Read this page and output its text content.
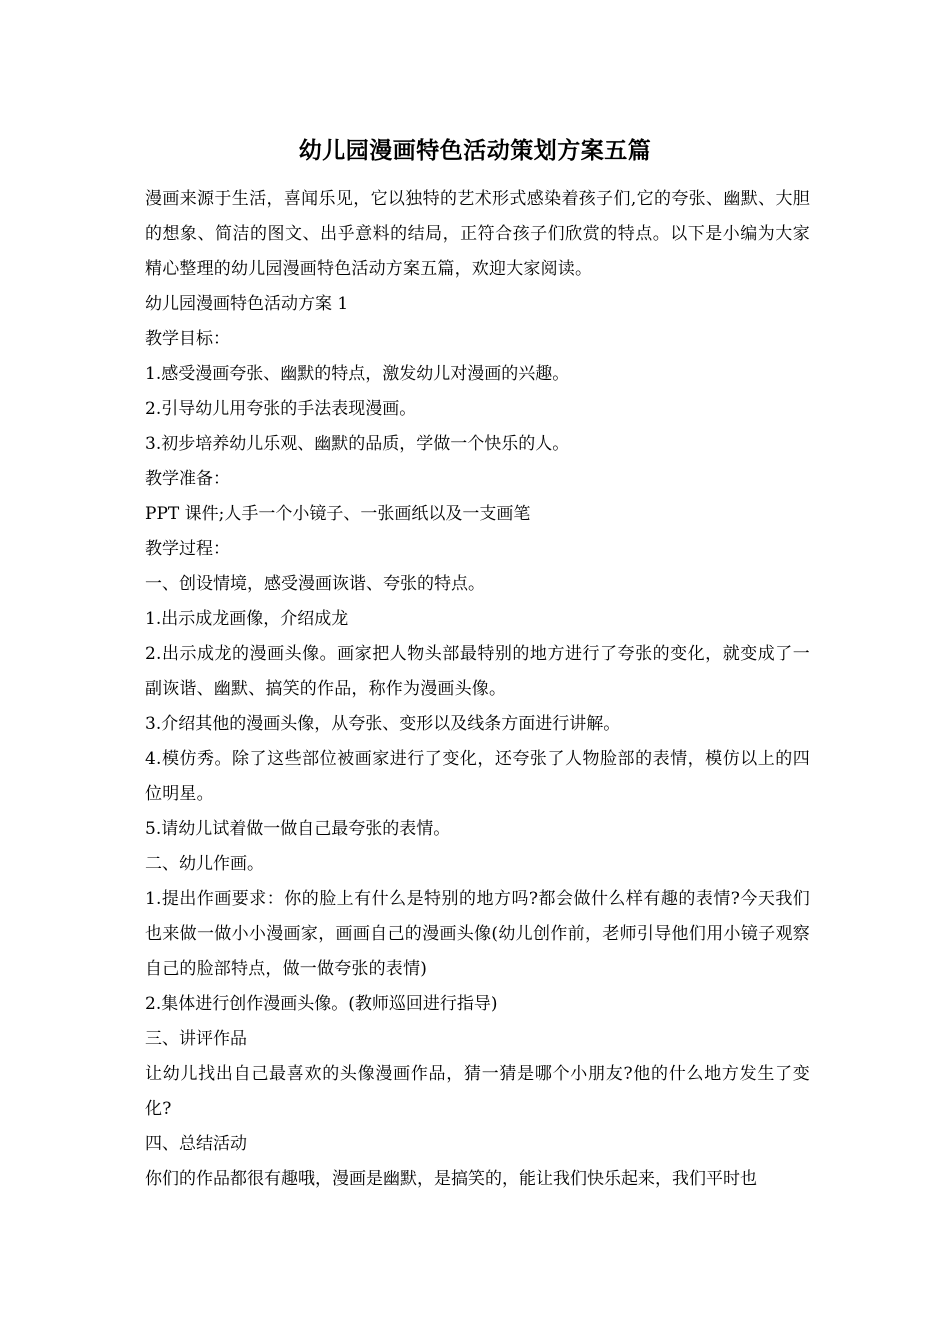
幼儿园漫画特色活动策划方案五篇

漫画来源于生活，喜闻乐见，它以独特的艺术形式感染着孩子们,它的夸张、幽默、大胆的想象、简洁的图文、出乎意料的结局，正符合孩子们欣赏的特点。以下是小编为大家精心整理的幼儿园漫画特色活动方案五篇，欢迎大家阅读。

幼儿园漫画特色活动方案 1

教学目标：

1.感受漫画夸张、幽默的特点，激发幼儿对漫画的兴趣。

2.引导幼儿用夸张的手法表现漫画。

3.初步培养幼儿乐观、幽默的品质，学做一个快乐的人。

教学准备：

PPT 课件;人手一个小镜子、一张画纸以及一支画笔

教学过程：

一、创设情境，感受漫画诙谐、夸张的特点。

1.出示成龙画像，介绍成龙

2.出示成龙的漫画头像。画家把人物头部最特别的地方进行了夸张的变化，就变成了一副诙谐、幽默、搞笑的作品，称作为漫画头像。

3.介绍其他的漫画头像，从夸张、变形以及线条方面进行讲解。

4.模仿秀。除了这些部位被画家进行了变化，还夸张了人物脸部的表情，模仿以上的四位明星。

5.请幼儿试着做一做自己最夸张的表情。

二、幼儿作画。

1.提出作画要求：你的脸上有什么是特别的地方吗?都会做什么样有趣的表情?今天我们也来做一做小小漫画家，画画自己的漫画头像(幼儿创作前，老师引导他们用小镜子观察自己的脸部特点，做一做夸张的表情)

2.集体进行创作漫画头像。(教师巡回进行指导)

三、讲评作品

让幼儿找出自己最喜欢的头像漫画作品，猜一猜是哪个小朋友?他的什么地方发生了变化?

四、总结活动

你们的作品都很有趣哦，漫画是幽默，是搞笑的，能让我们快乐起来，我们平时也
